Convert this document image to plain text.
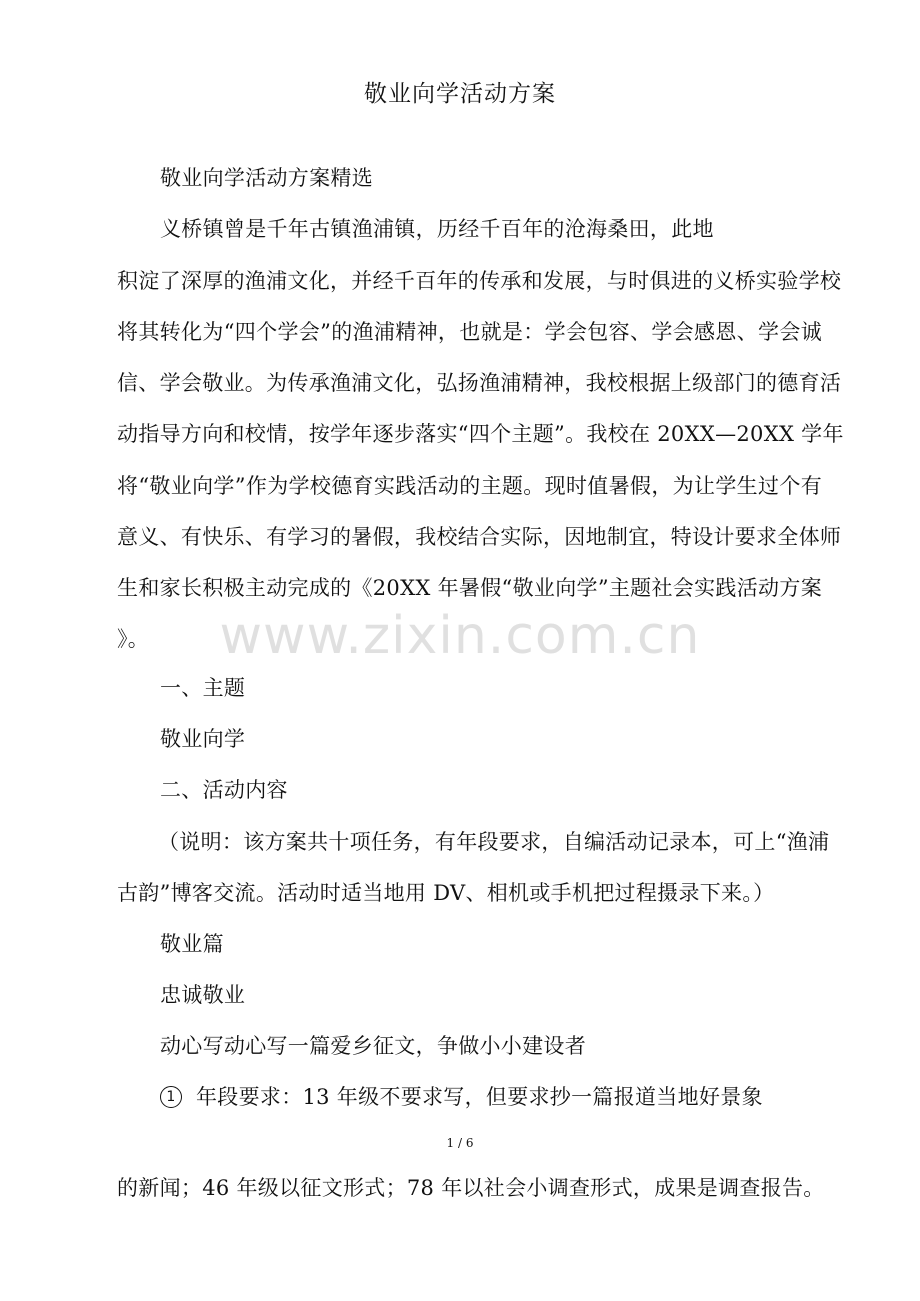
敬业向学活动方案
敬业向学活动方案精选
义桥镇曾是千年古镇渔浦镇，历经千百年的沧海桑田，此地
积淀了深厚的渔浦文化，并经千百年的传承和发展，与时俱进的义桥实验学校
将其转化为“四个学会”的渔浦精神，也就是：学会包容、学会感恩、学会诚
信、学会敬业。为传承渔浦文化，弘扬渔浦精神，我校根据上级部门的德育活
动指导方向和校情，按学年逐步落实“四个主题”。我校在 20XX—20XX 学年
将“敬业向学”作为学校德育实践活动的主题。现时值暑假，为让学生过个有
意义、有快乐、有学习的暑假，我校结合实际，因地制宜，特设计要求全体师
生和家长积极主动完成的《20XX 年暑假“敬业向学”主题社会实践活动方案
》。
一、主题
敬业向学
二、活动内容
（说明：该方案共十项任务，有年段要求，自编活动记录本，可上“渔浦
古韵”博客交流。活动时适当地用 DV、相机或手机把过程摄录下来。）
敬业篇
忠诚敬业
动心写动心写一篇爱乡征文，争做小小建设者
1 年段要求：13 年级不要求写，但要求抄一篇报道当地好景象
1 / 6
的新闻；46 年级以征文形式；78 年以社会小调查形式，成果是调查报告。
www.zixin.com.cn
